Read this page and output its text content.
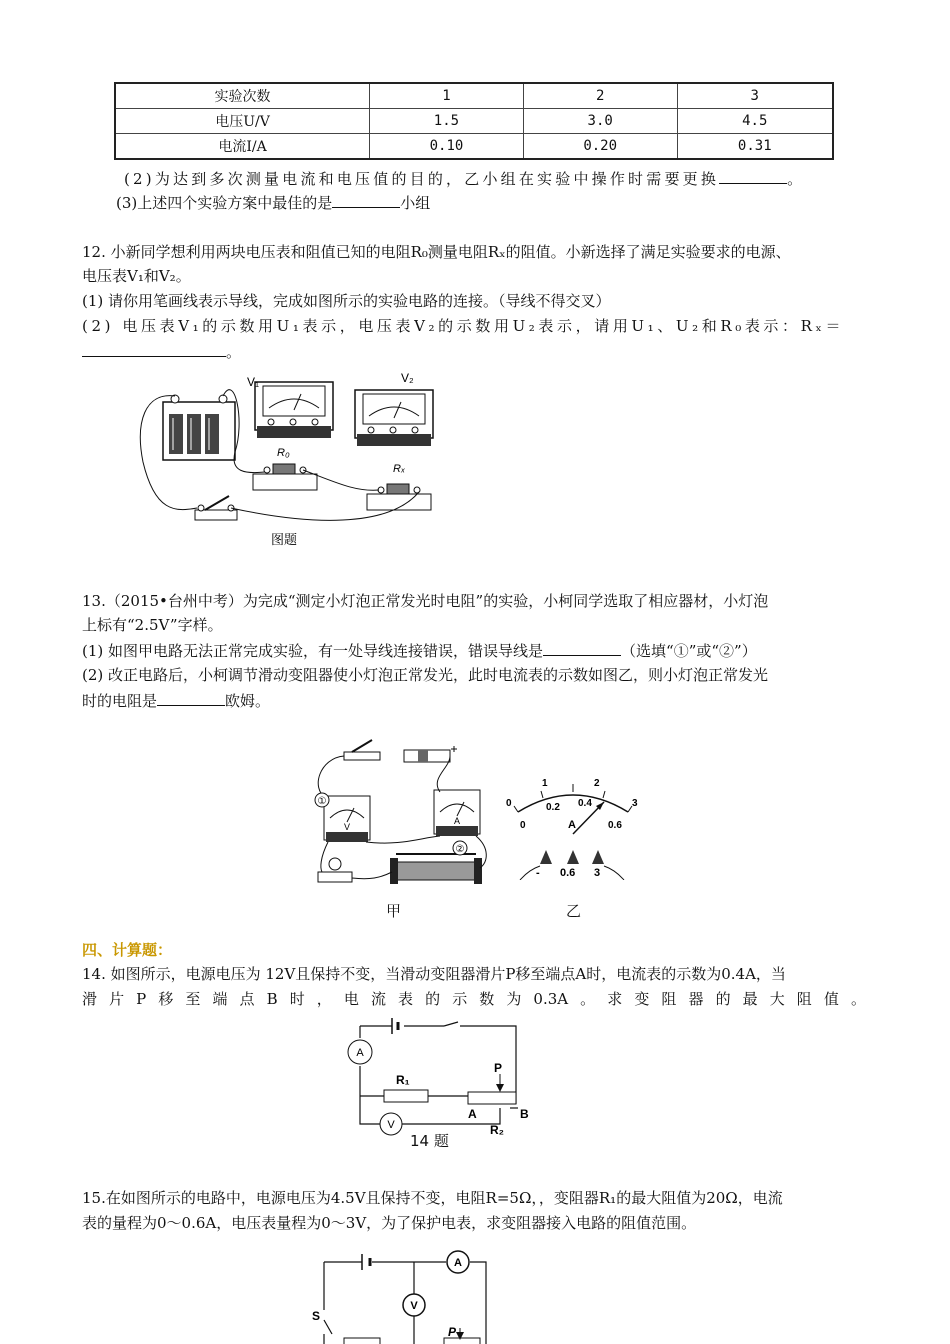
实验次数	1	2	3
电压U/V	1.5	3.0	4.5
电流I/A	0.10	0.20	0.31
(2)为达到多次测量电流和电压值的目的，乙小组在实验中操作时需要更换	。
(3)上述四个实验方案中最佳的是	小组
12. 小新同学想利用两块电压表和阻值已知的电阻R₀测量电阻Rₓ的阻值。小新选择了满足实验要求的电源、
电压表V₁和V₂。
(1) 请你用笔画线表示导线，完成如图所示的实验电路的连接。（导线不得交叉）
(2) 电压表V₁的示数用U₁表示，电压表V₂的示数用U₂表示，请用U₁、U₂和R₀表示：Rₓ＝
。
V₁	V₂
R₀
Rₓ
图题
13.（2015•台州中考）为完成“测定小灯泡正常发光时电阻”的实验，小柯同学选取了相应器材，小灯泡
上标有“2.5V”字样。
(1) 如图甲电路无法正常完成实验，有一处导线连接错误，错误导线是	（选填“①”或“②”）
(2) 改正电路后，小柯调节滑动变阻器使小灯泡正常发光，此时电流表的示数如图乙，则小灯泡正常发光
时的电阻是	欧姆。
V
A
①
②
甲
0
1	2
3
0
0.2 0.4
0.6
A
- 0.6 3
乙
四、计算题：
14. 如图所示，电源电压为 12V且保持不变，当滑动变阻器滑片P移至端点A时，电流表的示数为0.4A，当
滑 片 P 移 至 端 点 B 时 ， 电 流 表 的 示 数 为 0.3A 。 求 变 阻 器 的 最 大 阻 值 。
A
V
R₁
P
A	B
R₂
14 题
15.在如图所示的电路中，电源电压为4.5V且保持不变，电阻R=5Ω，，变阻器R₁的最大阻值为20Ω，电流
表的量程为0～0.6A，电压表量程为0～3V，为了保护电表，求变阻器接入电路的阻值范围。
A
V
S
P
